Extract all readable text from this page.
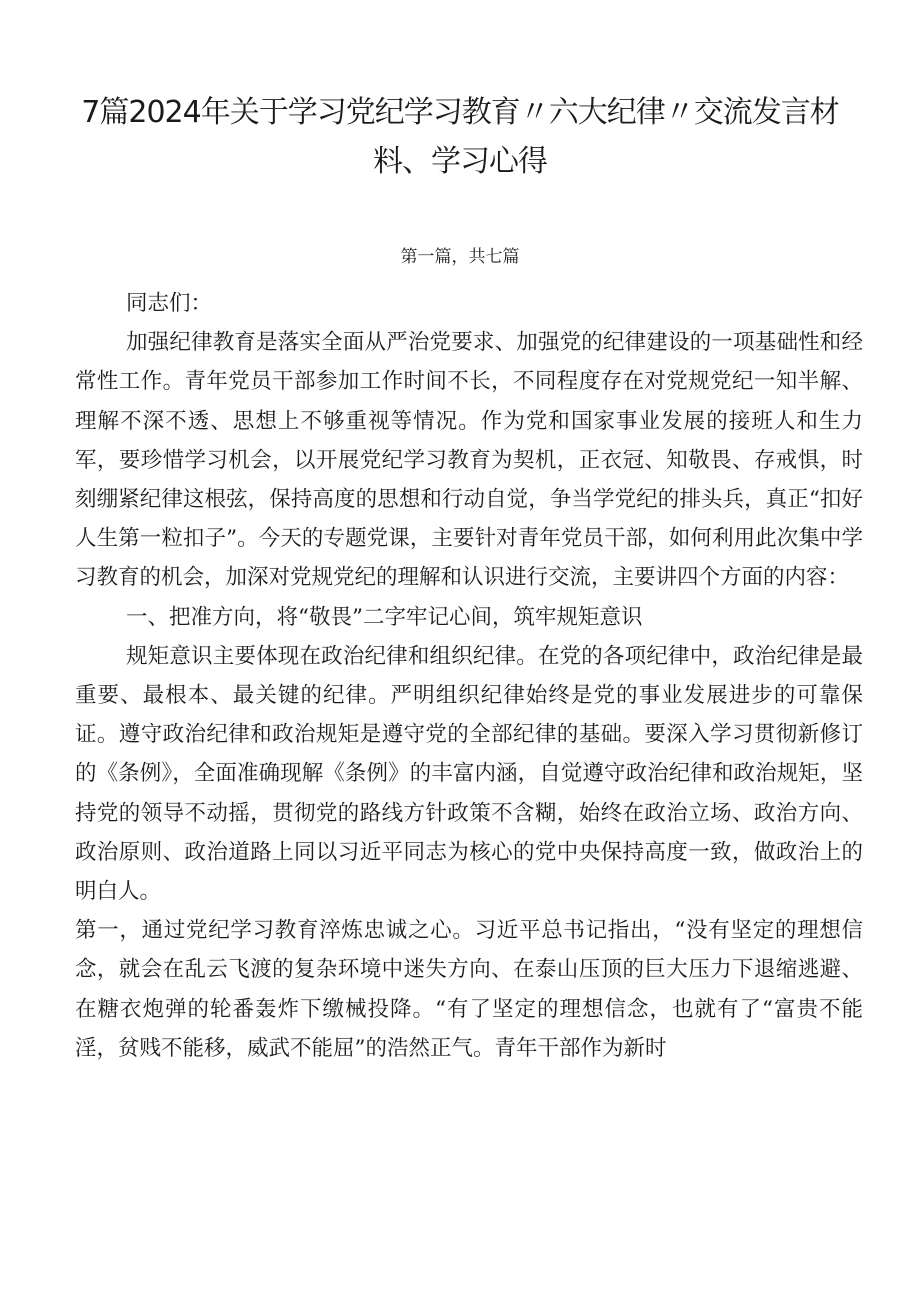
7篇2024年关于学习党纪学习教育〃六大纪律〃交流发言材料、学习心得
第一篇，共七篇

同志们：

加强纪律教育是落实全面从严治党要求、加强党的纪律建设的一项基础性和经常性工作。青年党员干部参加工作时间不长，不同程度存在对党规党纪一知半解、理解不深不透、思想上不够重视等情况。作为党和国家事业发展的接班人和生力军，要珍惜学习机会，以开展党纪学习教育为契机，正衣冠、知敬畏、存戒惧，时刻绷紧纪律这根弦，保持高度的思想和行动自觉，争当学党纪的排头兵，真正“扣好人生第一粒扣子”。今天的专题党课，主要针对青年党员干部，如何利用此次集中学习教育的机会，加深对党规党纪的理解和认识进行交流，主要讲四个方面的内容：

一、把准方向，将“敬畏”二字牢记心间，筑牢规矩意识

规矩意识主要体现在政治纪律和组织纪律。在党的各项纪律中，政治纪律是最重要、最根本、最关键的纪律。严明组织纪律始终是党的事业发展进步的可靠保证。遵守政治纪律和政治规矩是遵守党的全部纪律的基础。要深入学习贯彻新修订的《条例》，全面准确现解《条例》的丰富内涵，自觉遵守政治纪律和政治规矩，坚持党的领导不动摇，贯彻党的路线方针政策不含糊，始终在政治立场、政治方向、政治原则、政治道路上同以习近平同志为核心的党中央保持高度一致，做政治上的明白人。

第一，通过党纪学习教育淬炼忠诚之心。习近平总书记指出，“没有坚定的理想信念，就会在乱云飞渡的复杂环境中迷失方向、在泰山压顶的巨大压力下退缩逃避、在糖衣炮弹的轮番轰炸下缴械投降。“有了坚定的理想信念，也就有了“富贵不能淫，贫贱不能移，威武不能屈”的浩然正气。青年干部作为新时
